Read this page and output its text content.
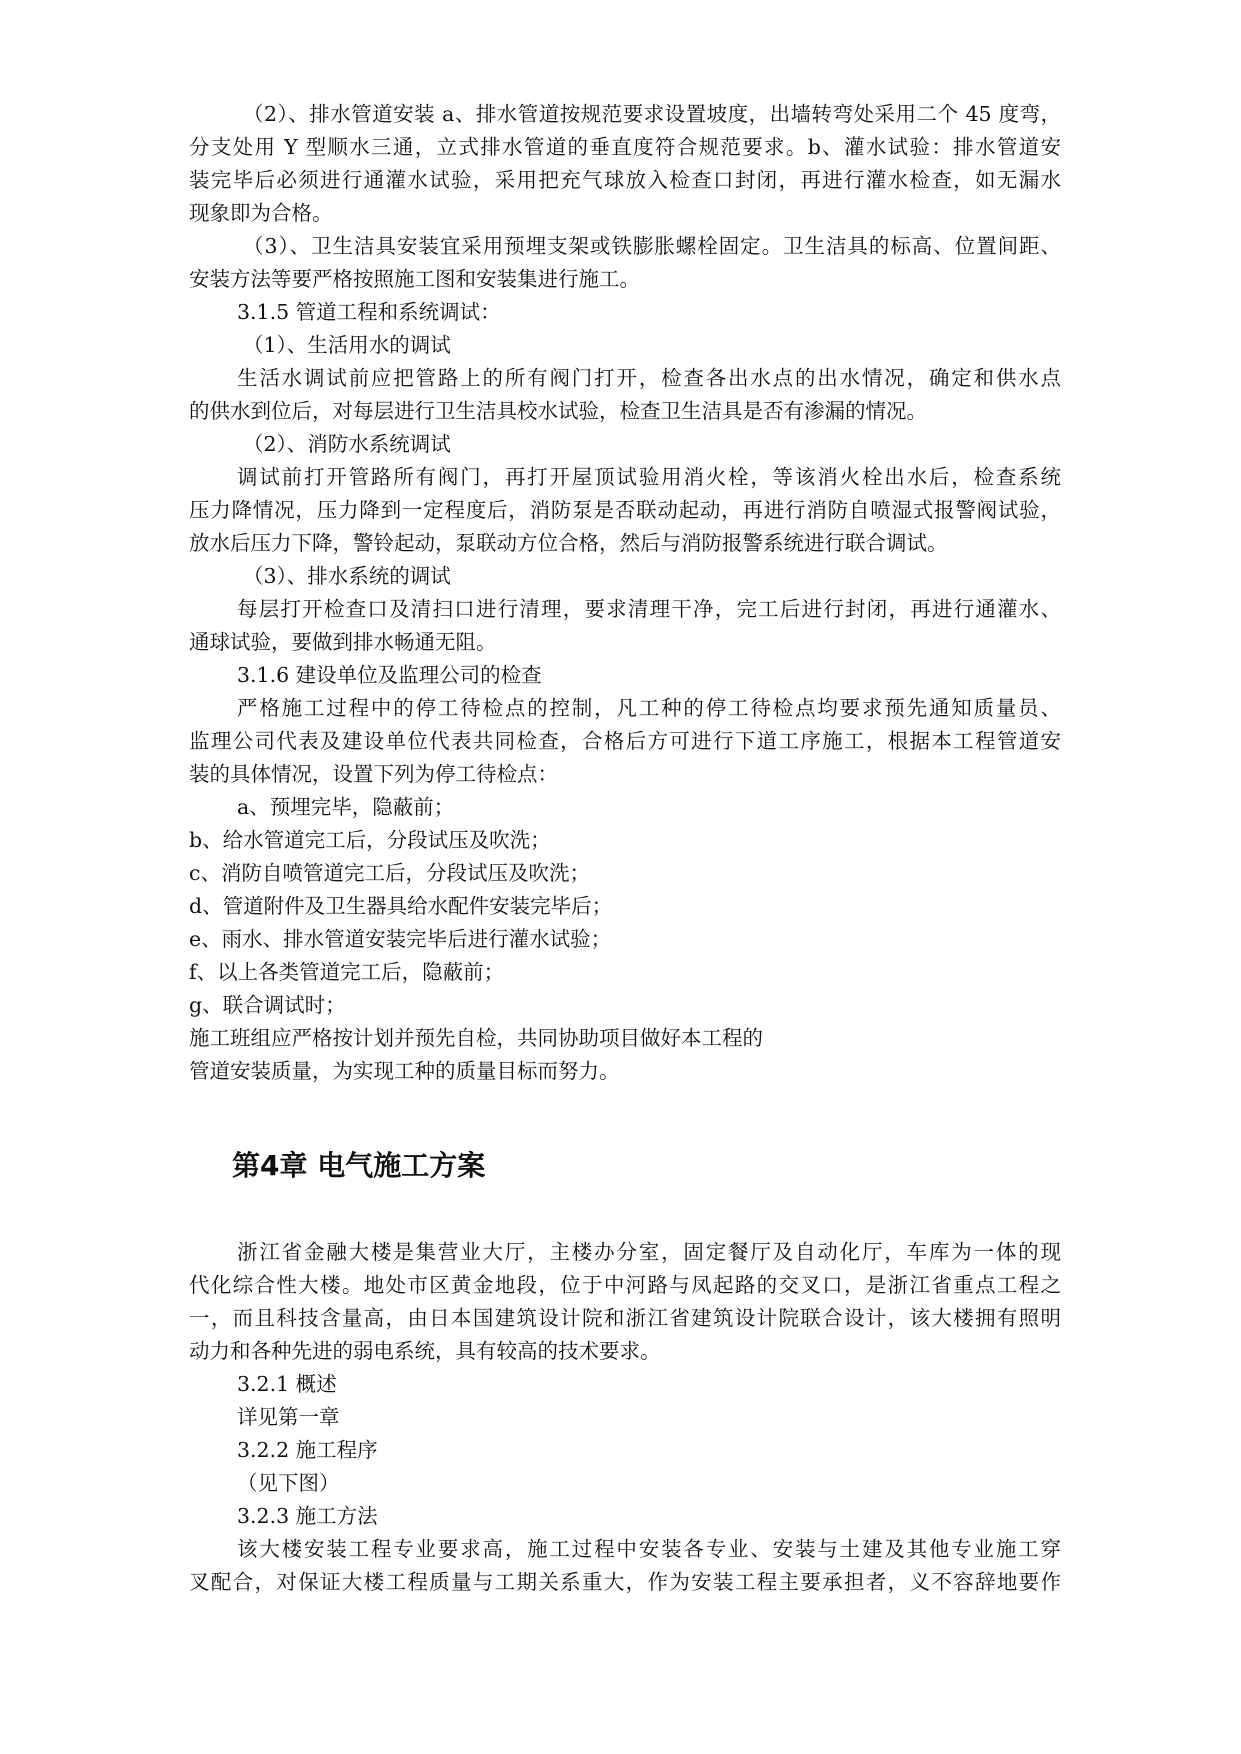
（2）、排水管道安装 a、排水管道按规范要求设置坡度，出墙转弯处采用二个 45 度弯，
分支处用 Y 型顺水三通，立式排水管道的垂直度符合规范要求。b、灌水试验：排水管道安
装完毕后必须进行通灌水试验，采用把充气球放入检查口封闭，再进行灌水检查，如无漏水
现象即为合格。
（3）、卫生洁具安装宜采用预埋支架或铁膨胀螺栓固定。卫生洁具的标高、位置间距、
安装方法等要严格按照施工图和安装集进行施工。
3.1.5 管道工程和系统调试：
（1）、生活用水的调试
生活水调试前应把管路上的所有阀门打开，检查各出水点的出水情况，确定和供水点
的供水到位后，对每层进行卫生洁具校水试验，检查卫生洁具是否有渗漏的情况。
（2）、消防水系统调试
调试前打开管路所有阀门，再打开屋顶试验用消火栓，等该消火栓出水后，检查系统
压力降情况，压力降到一定程度后，消防泵是否联动起动，再进行消防自喷湿式报警阀试验，
放水后压力下降，警铃起动，泵联动方位合格，然后与消防报警系统进行联合调试。
（3）、排水系统的调试
每层打开检查口及清扫口进行清理，要求清理干净，完工后进行封闭，再进行通灌水、
通球试验，要做到排水畅通无阻。
3.1.6 建设单位及监理公司的检查
严格施工过程中的停工待检点的控制，凡工种的停工待检点均要求预先通知质量员、
监理公司代表及建设单位代表共同检查，合格后方可进行下道工序施工，根据本工程管道安
装的具体情况，设置下列为停工待检点：
a、预埋完毕，隐蔽前；
b、给水管道完工后，分段试压及吹洗；
c、消防自喷管道完工后，分段试压及吹洗；
d、管道附件及卫生器具给水配件安装完毕后；
e、雨水、排水管道安装完毕后进行灌水试验；
f、以上各类管道完工后，隐蔽前；
g、联合调试时；
施工班组应严格按计划并预先自检，共同协助项目做好本工程的
管道安装质量，为实现工种的质量目标而努力。
第4章 电气施工方案
浙江省金融大楼是集营业大厅，主楼办分室，固定餐厅及自动化厅，车库为一体的现
代化综合性大楼。地处市区黄金地段，位于中河路与凤起路的交叉口，是浙江省重点工程之
一，而且科技含量高，由日本国建筑设计院和浙江省建筑设计院联合设计，该大楼拥有照明
动力和各种先进的弱电系统，具有较高的技术要求。
3.2.1 概述
详见第一章
3.2.2 施工程序
（见下图）
3.2.3 施工方法
该大楼安装工程专业要求高，施工过程中安装各专业、安装与土建及其他专业施工穿
叉配合，对保证大楼工程质量与工期关系重大，作为安装工程主要承担者，义不容辞地要作
